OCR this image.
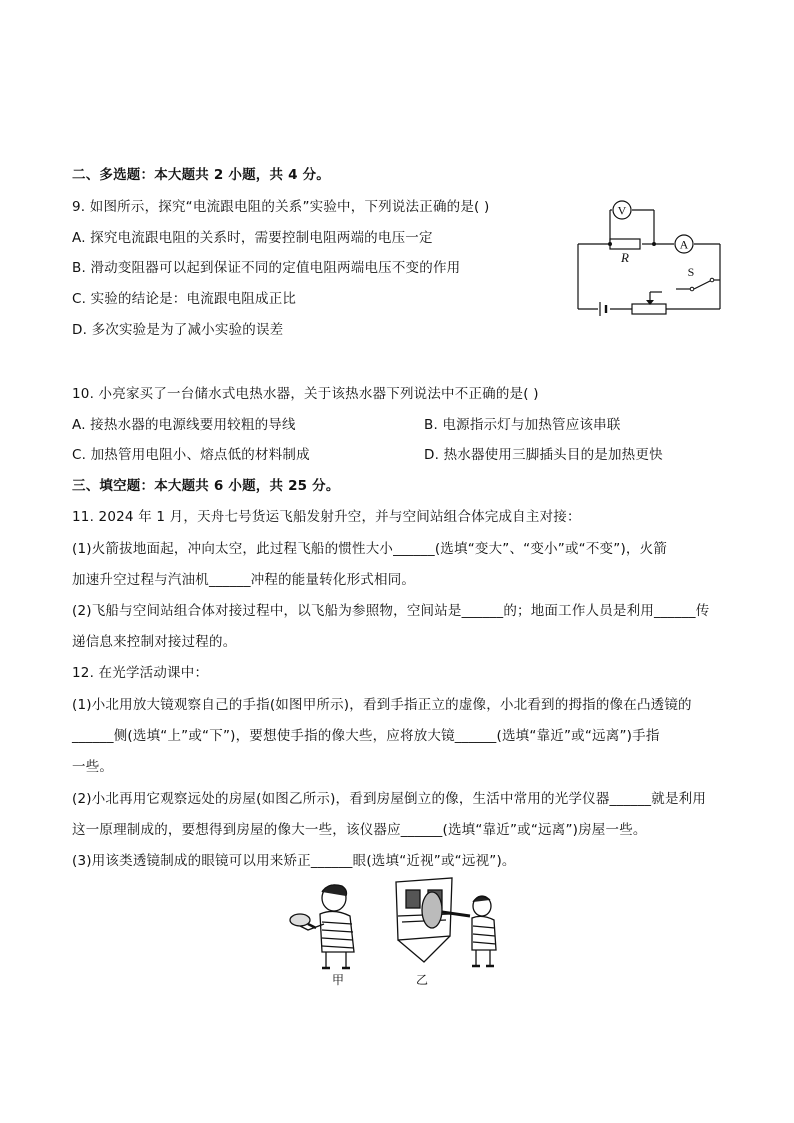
二、多选题：本大题共 2 小题，共 4 分。
9. 如图所示，探究“电流跟电阻的关系”实验中，下列说法正确的是( )
A. 探究电流跟电阻的关系时，需要控制电阻两端的电压一定
B. 滑动变阻器可以起到保证不同的定值电阻两端电压不变的作用
C. 实验的结论是：电流跟电阻成正比
D. 多次实验是为了减小实验的误差
V
R
A
S
10. 小亮家买了一台储水式电热水器，关于该热水器下列说法中不正确的是( )
A. 接热水器的电源线要用较粗的导线	B. 电源指示灯与加热管应该串联
C. 加热管用电阻小、熔点低的材料制成	D. 热水器使用三脚插头目的是加热更快
三、填空题：本大题共 6 小题，共 25 分。
11. 2024 年 1 月，天舟七号货运飞船发射升空，并与空间站组合体完成自主对接：
(1)火箭拔地面起，冲向太空，此过程飞船的惯性大小______(选填“变大”、“变小”或“不变”)，火箭
加速升空过程与汽油机______冲程的能量转化形式相同。
(2)飞船与空间站组合体对接过程中，以飞船为参照物，空间站是______的；地面工作人员是利用______传
递信息来控制对接过程的。
12. 在光学活动课中：
(1)小北用放大镜观察自己的手指(如图甲所示)，看到手指正立的虚像，小北看到的拇指的像在凸透镜的
______侧(选填“上”或“下”)，要想使手指的像大些，应将放大镜______(选填“靠近”或“远离”)手指
一些。
(2)小北再用它观察远处的房屋(如图乙所示)，看到房屋倒立的像，生活中常用的光学仪器______就是利用
这一原理制成的，要想得到房屋的像大一些，该仪器应______(选填“靠近”或“远离”)房屋一些。
(3)用该类透镜制成的眼镜可以用来矫正______眼(选填“近视”或“远视”)。
甲	乙
